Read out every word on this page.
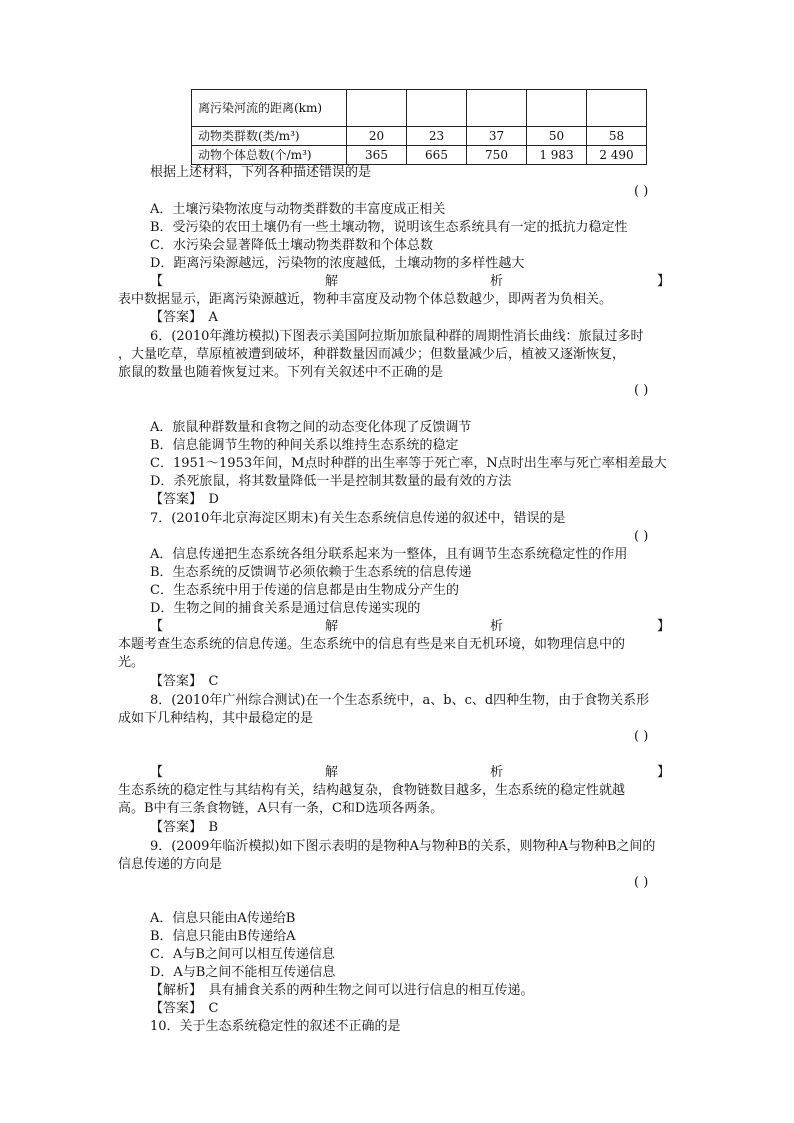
离污染河流的距离(km)					
动物类群数(类/m³)	20	23	37	50	58
动物个体总数(个/m³)	365	665	750	1 983	2 490
根据上述材料，下列各种描述错误的是
( )
A．土壤污染物浓度与动物类群数的丰富度成正相关
B．受污染的农田土壤仍有一些土壤动物，说明该生态系统具有一定的抵抗力稳定性
C．水污染会显著降低土壤动物类群数和个体总数
D．距离污染源越远，污染物的浓度越低，土壤动物的多样性越大
【	解	析	】
表中数据显示，距离污染源越近，物种丰富度及动物个体总数越少，即两者为负相关。
【答案】　A
6．(2010年潍坊模拟)下图表示美国阿拉斯加旅鼠种群的周期性消长曲线：旅鼠过多时
，大量吃草，草原植被遭到破坏，种群数量因而减少；但数量减少后，植被又逐渐恢复，
旅鼠的数量也随着恢复过来。下列有关叙述中不正确的是
( )
A．旅鼠种群数量和食物之间的动态变化体现了反馈调节
B．信息能调节生物的种间关系以维持生态系统的稳定
C．1951～1953年间，M点时种群的出生率等于死亡率，N点时出生率与死亡率相差最大
D．杀死旅鼠，将其数量降低一半是控制其数量的最有效的方法
【答案】　D
7．(2010年北京海淀区期末)有关生态系统信息传递的叙述中，错误的是
( )
A．信息传递把生态系统各组分联系起来为一整体，且有调节生态系统稳定性的作用
B．生态系统的反馈调节必须依赖于生态系统的信息传递
C．生态系统中用于传递的信息都是由生物成分产生的
D．生物之间的捕食关系是通过信息传递实现的
【	解	析	】
本题考查生态系统的信息传递。生态系统中的信息有些是来自无机环境，如物理信息中的
光。
【答案】　C
8．(2010年广州综合测试)在一个生态系统中，a、b、c、d四种生物，由于食物关系形
成如下几种结构，其中最稳定的是
( )
【	解	析	】
生态系统的稳定性与其结构有关，结构越复杂，食物链数目越多，生态系统的稳定性就越
高。B中有三条食物链，A只有一条，C和D选项各两条。
【答案】　B
9．(2009年临沂模拟)如下图示表明的是物种A与物种B的关系，则物种A与物种B之间的
信息传递的方向是
( )
A．信息只能由A传递给B
B．信息只能由B传递给A
C．A与B之间可以相互传递信息
D．A与B之间不能相互传递信息
【解析】　具有捕食关系的两种生物之间可以进行信息的相互传递。
【答案】　C
10．关于生态系统稳定性的叙述不正确的是
